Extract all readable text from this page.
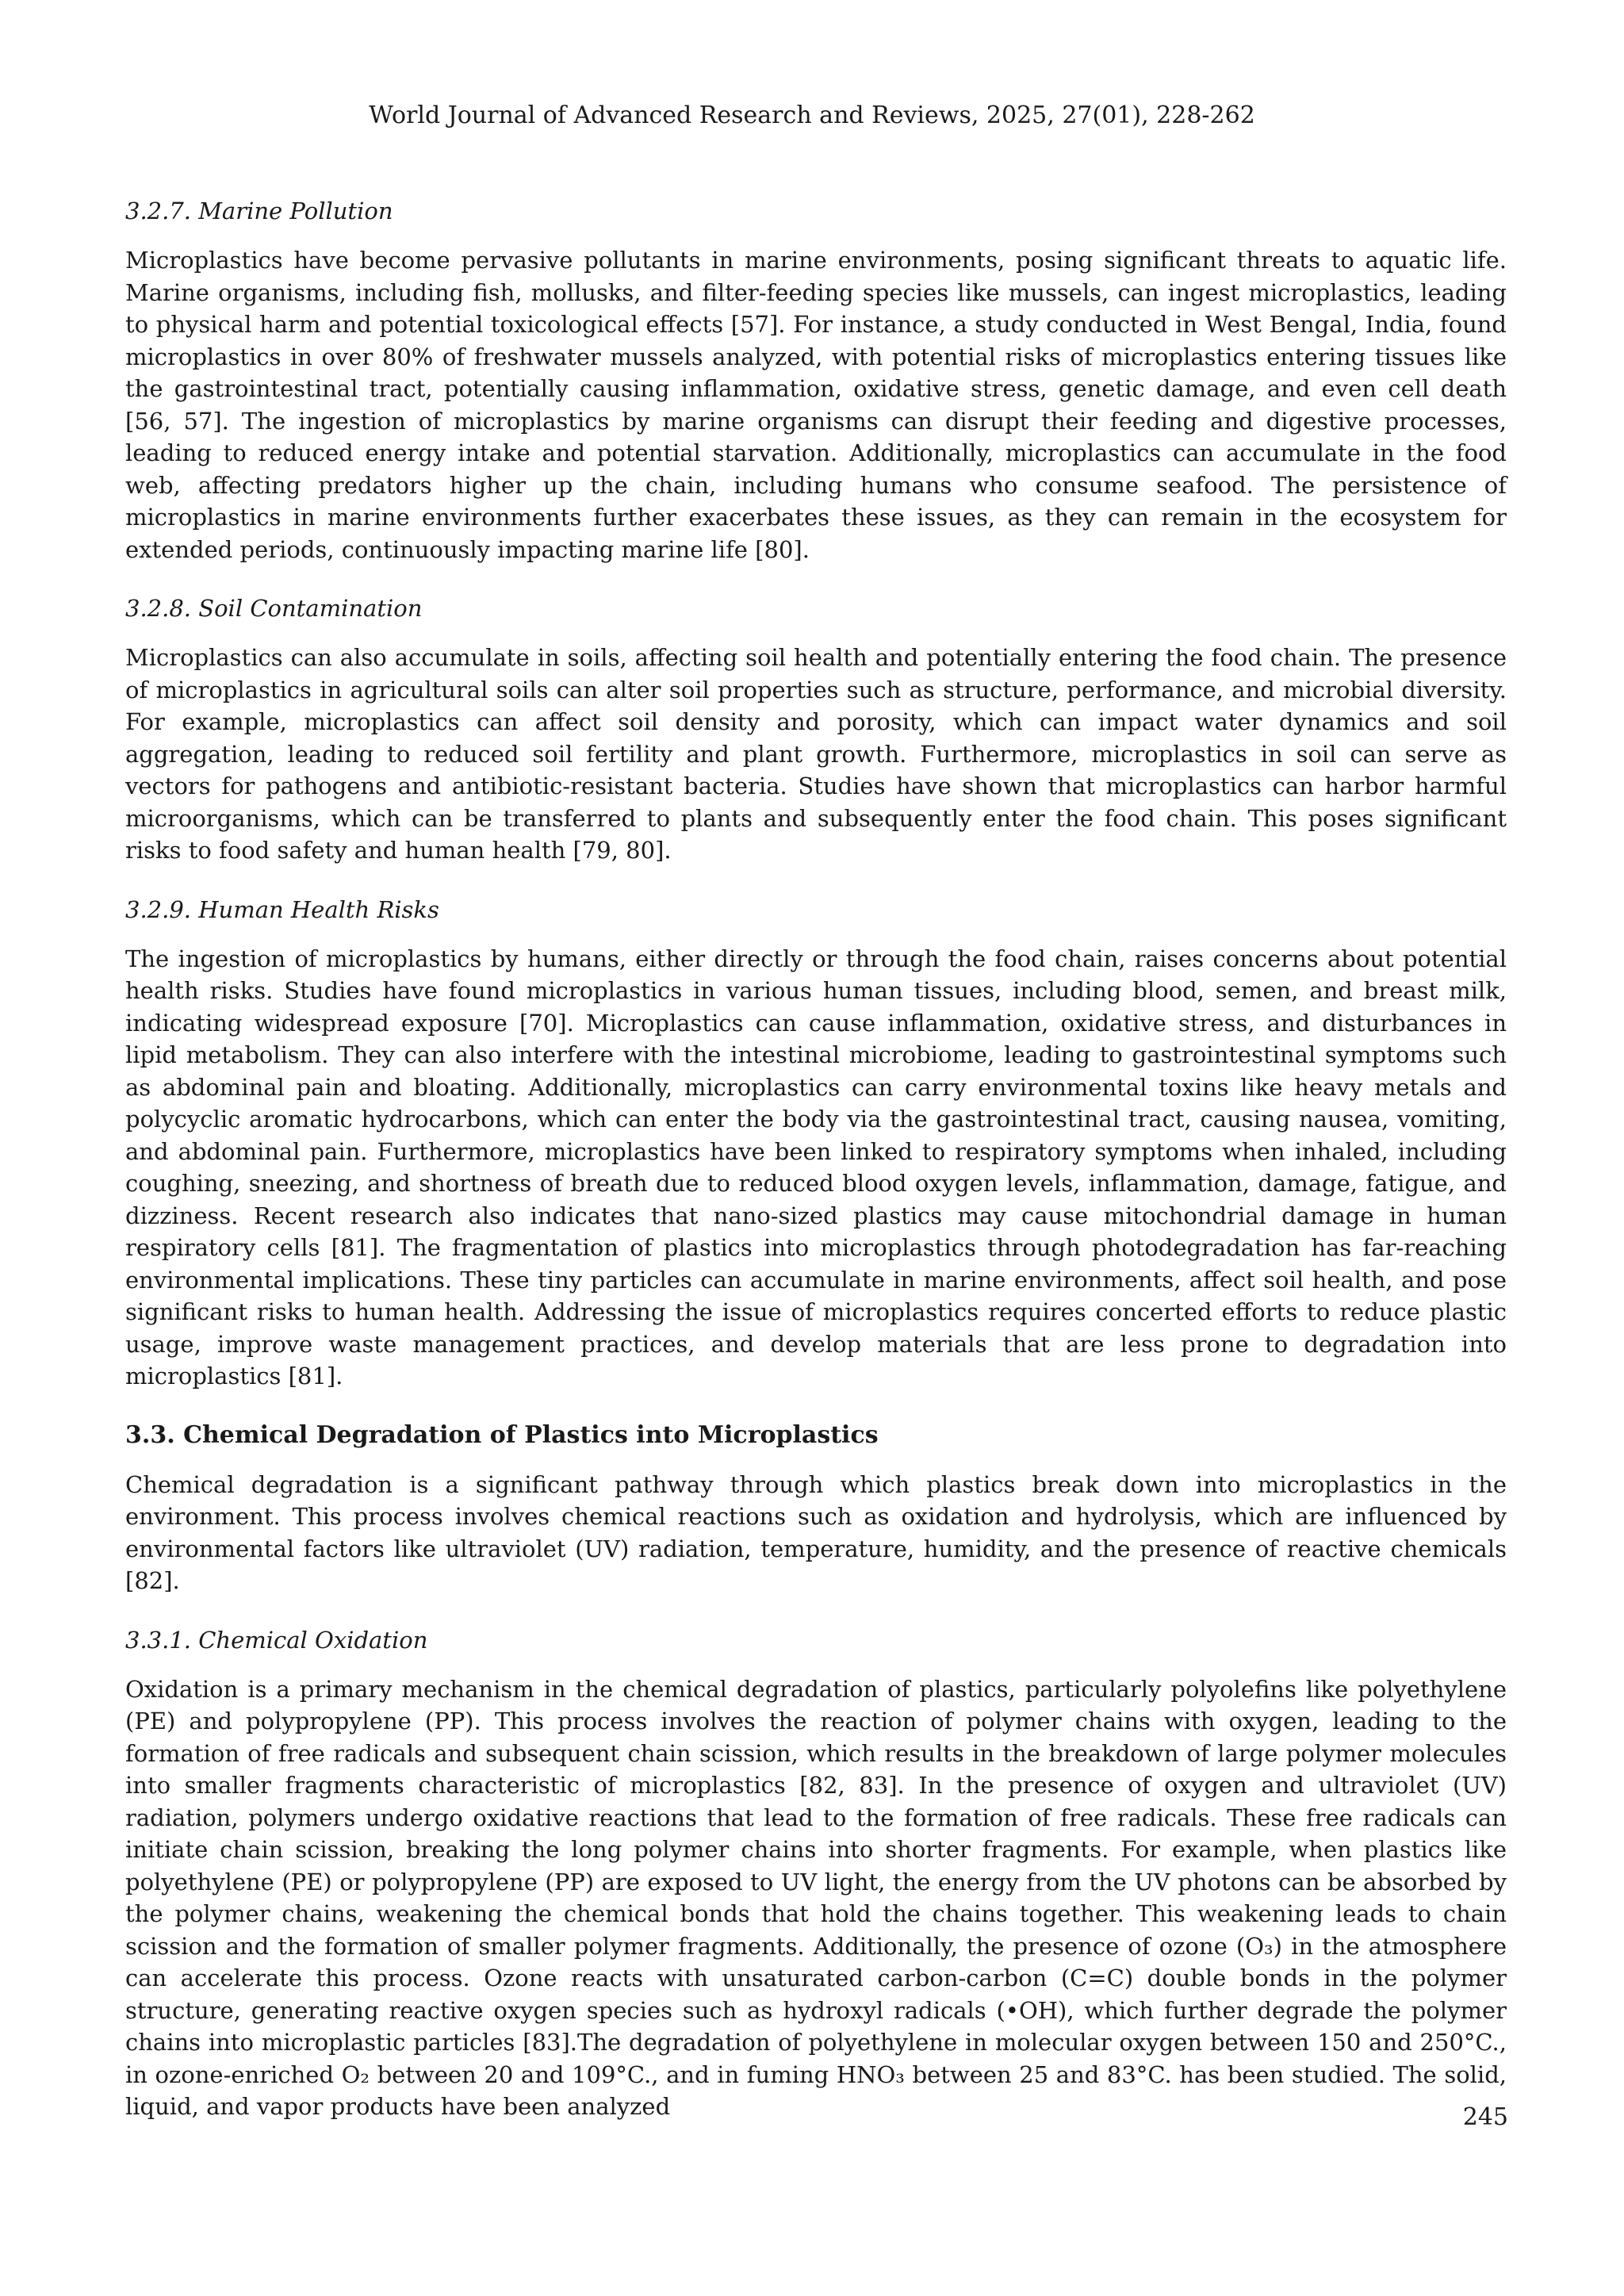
World Journal of Advanced Research and Reviews, 2025, 27(01), 228-262
3.2.7. Marine Pollution

Microplastics have become pervasive pollutants in marine environments, posing significant threats to aquatic life. Marine organisms, including fish, mollusks, and filter-feeding species like mussels, can ingest microplastics, leading to physical harm and potential toxicological effects [57]. For instance, a study conducted in West Bengal, India, found microplastics in over 80% of freshwater mussels analyzed, with potential risks of microplastics entering tissues like the gastrointestinal tract, potentially causing inflammation, oxidative stress, genetic damage, and even cell death [56, 57]. The ingestion of microplastics by marine organisms can disrupt their feeding and digestive processes, leading to reduced energy intake and potential starvation. Additionally, microplastics can accumulate in the food web, affecting predators higher up the chain, including humans who consume seafood. The persistence of microplastics in marine environments further exacerbates these issues, as they can remain in the ecosystem for extended periods, continuously impacting marine life [80].

3.2.8. Soil Contamination

Microplastics can also accumulate in soils, affecting soil health and potentially entering the food chain. The presence of microplastics in agricultural soils can alter soil properties such as structure, performance, and microbial diversity. For example, microplastics can affect soil density and porosity, which can impact water dynamics and soil aggregation, leading to reduced soil fertility and plant growth. Furthermore, microplastics in soil can serve as vectors for pathogens and antibiotic-resistant bacteria. Studies have shown that microplastics can harbor harmful microorganisms, which can be transferred to plants and subsequently enter the food chain. This poses significant risks to food safety and human health [79, 80].

3.2.9. Human Health Risks

The ingestion of microplastics by humans, either directly or through the food chain, raises concerns about potential health risks. Studies have found microplastics in various human tissues, including blood, semen, and breast milk, indicating widespread exposure [70]. Microplastics can cause inflammation, oxidative stress, and disturbances in lipid metabolism. They can also interfere with the intestinal microbiome, leading to gastrointestinal symptoms such as abdominal pain and bloating. Additionally, microplastics can carry environmental toxins like heavy metals and polycyclic aromatic hydrocarbons, which can enter the body via the gastrointestinal tract, causing nausea, vomiting, and abdominal pain. Furthermore, microplastics have been linked to respiratory symptoms when inhaled, including coughing, sneezing, and shortness of breath due to reduced blood oxygen levels, inflammation, damage, fatigue, and dizziness. Recent research also indicates that nano-sized plastics may cause mitochondrial damage in human respiratory cells [81]. The fragmentation of plastics into microplastics through photodegradation has far-reaching environmental implications. These tiny particles can accumulate in marine environments, affect soil health, and pose significant risks to human health. Addressing the issue of microplastics requires concerted efforts to reduce plastic usage, improve waste management practices, and develop materials that are less prone to degradation into microplastics [81].

3.3. Chemical Degradation of Plastics into Microplastics

Chemical degradation is a significant pathway through which plastics break down into microplastics in the environment. This process involves chemical reactions such as oxidation and hydrolysis, which are influenced by environmental factors like ultraviolet (UV) radiation, temperature, humidity, and the presence of reactive chemicals [82].

3.3.1. Chemical Oxidation

Oxidation is a primary mechanism in the chemical degradation of plastics, particularly polyolefins like polyethylene (PE) and polypropylene (PP). This process involves the reaction of polymer chains with oxygen, leading to the formation of free radicals and subsequent chain scission, which results in the breakdown of large polymer molecules into smaller fragments characteristic of microplastics [82, 83]. In the presence of oxygen and ultraviolet (UV) radiation, polymers undergo oxidative reactions that lead to the formation of free radicals. These free radicals can initiate chain scission, breaking the long polymer chains into shorter fragments. For example, when plastics like polyethylene (PE) or polypropylene (PP) are exposed to UV light, the energy from the UV photons can be absorbed by the polymer chains, weakening the chemical bonds that hold the chains together. This weakening leads to chain scission and the formation of smaller polymer fragments. Additionally, the presence of ozone (O₃) in the atmosphere can accelerate this process. Ozone reacts with unsaturated carbon-carbon (C=C) double bonds in the polymer structure, generating reactive oxygen species such as hydroxyl radicals (•OH), which further degrade the polymer chains into microplastic particles [83].The degradation of polyethylene in molecular oxygen between 150 and 250°C., in ozone-enriched O₂ between 20 and 109°C., and in fuming HNO₃ between 25 and 83°C. has been studied. The solid, liquid, and vapor products have been analyzed	245
